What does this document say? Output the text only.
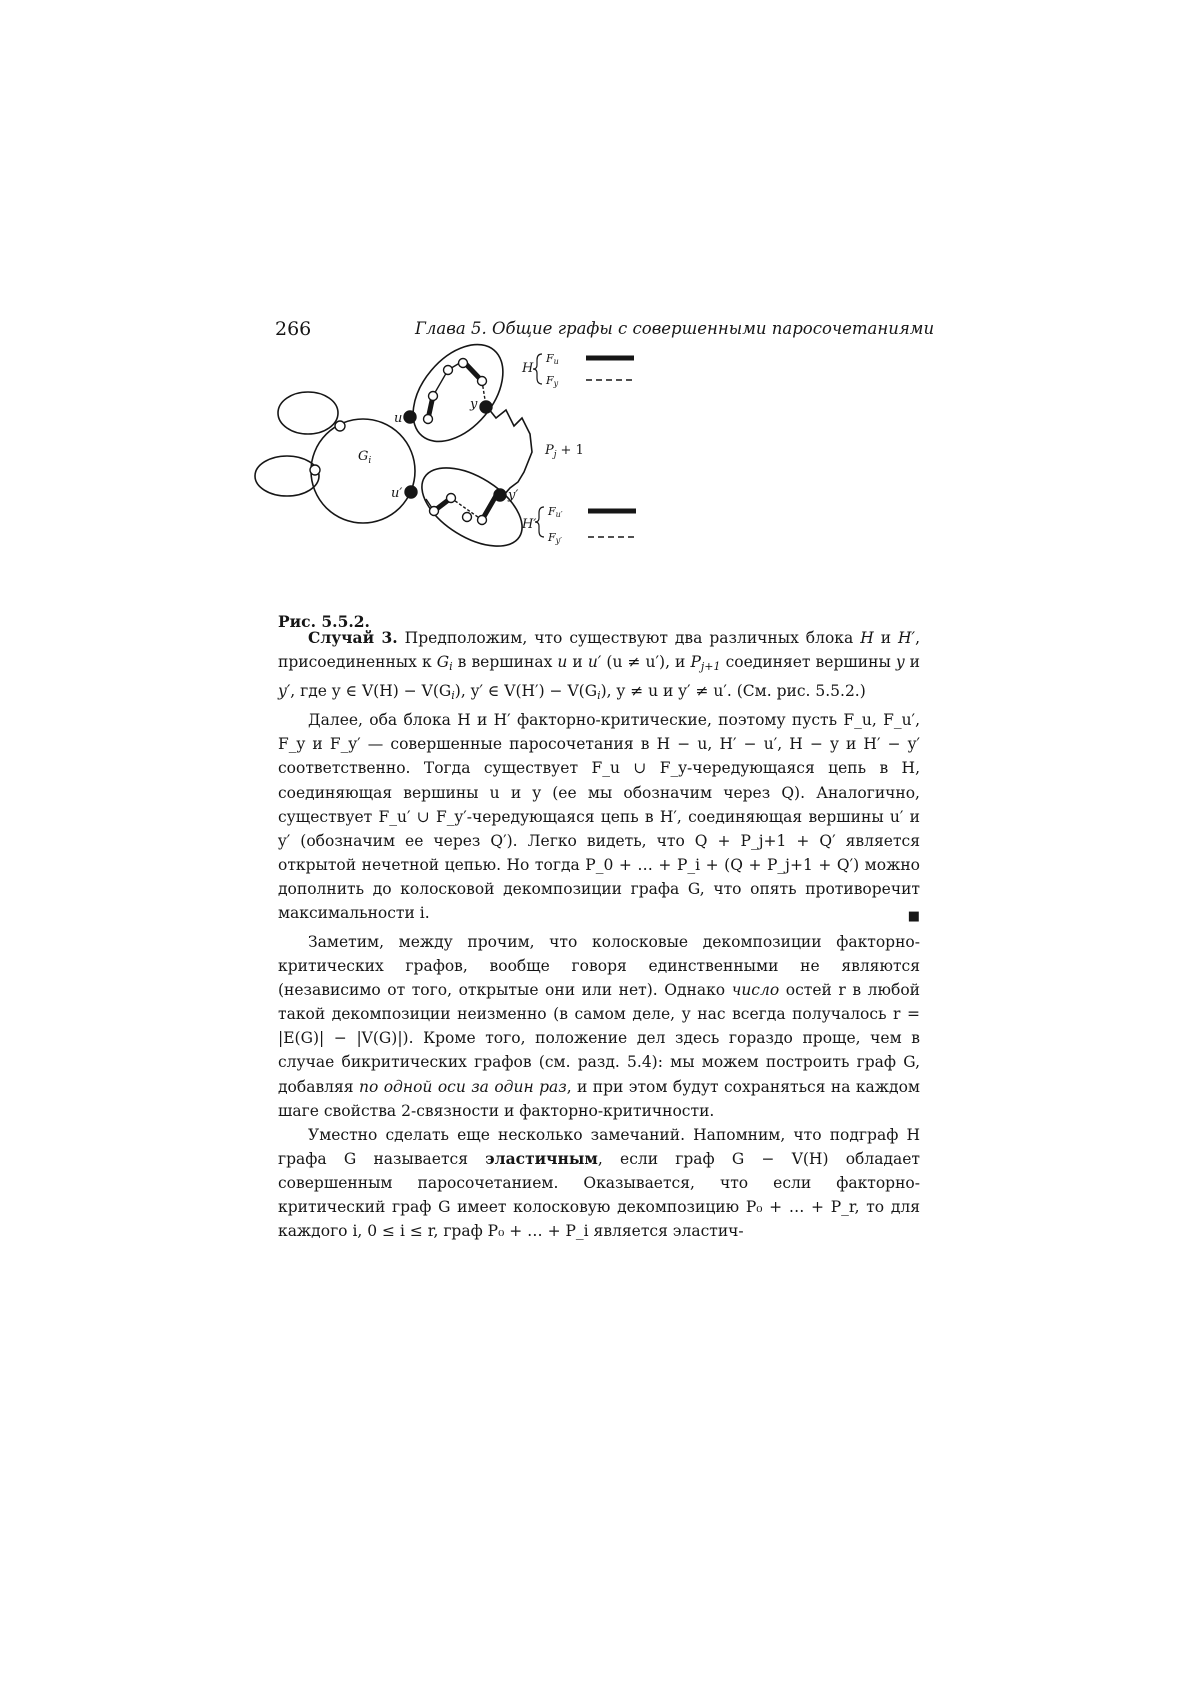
266	Глава 5. Общие графы с совершенными паросочетаниями
$G_i$
u
u′
y
y′
$P_j + 1$
H
H′
Fu
Fy
Fu′
Fy′
Рис. 5.5.2.

Случай 3. Предположим, что существуют два различных блока H и H′, присоединенных к $G_i$ в вершинах u и u′ (u ≠ u′), и $P_{j+1}$ соединяет вершины y и y′, где y ∈ $V(H) - V(G_i)$, y′ ∈ $V(H') - V(G_i)$, y ≠ u и y′ ≠ u′. (См. рис. 5.5.2.)

Далее, оба блока H и H′ факторно-критические, поэтому пусть F_u, F_u′, F_y и F_y′ — совершенные паросочетания в H − u, H′ − u′, H − y и H′ − y′ соответственно. Тогда существует F_u ∪ F_y-чередующаяся цепь в H, соединяющая вершины u и y (ее мы обозначим через Q). Аналогично, существует F_u′ ∪ F_y′-чередующаяся цепь в H′, соединяющая вершины u′ и y′ (обозначим ее через Q′). Легко видеть, что Q + P_j+1 + Q′ является открытой нечетной цепью. Но тогда P_0 + … + P_i + (Q + P_j+1 + Q′) можно дополнить до колосковой декомпозиции графа G, что опять противоречит максимальности i.	■

Заметим, между прочим, что колосковые декомпозиции факторно-критических графов, вообще говоря единственными не являются (независимо от того, открытые они или нет). Однако число остей r в любой такой декомпозиции неизменно (в самом деле, у нас всегда получалось r = |E(G)| − |V(G)|). Кроме того, положение дел здесь гораздо проще, чем в случае бикритических графов (см. разд. 5.4): мы можем построить граф G, добавляя по одной оси за один раз, и при этом будут сохраняться на каждом шаге свойства 2-связности и факторно-критичности.

Уместно сделать еще несколько замечаний. Напомним, что подграф H графа G называется эластичным, если граф G − V(H) обладает совершенным паросочетанием. Оказывается, что если факторно-критический граф G имеет колосковую декомпозицию P₀ + … + P_r, то для каждого i, 0 ≤ i ≤ r, граф P₀ + … + P_i является эластич-
